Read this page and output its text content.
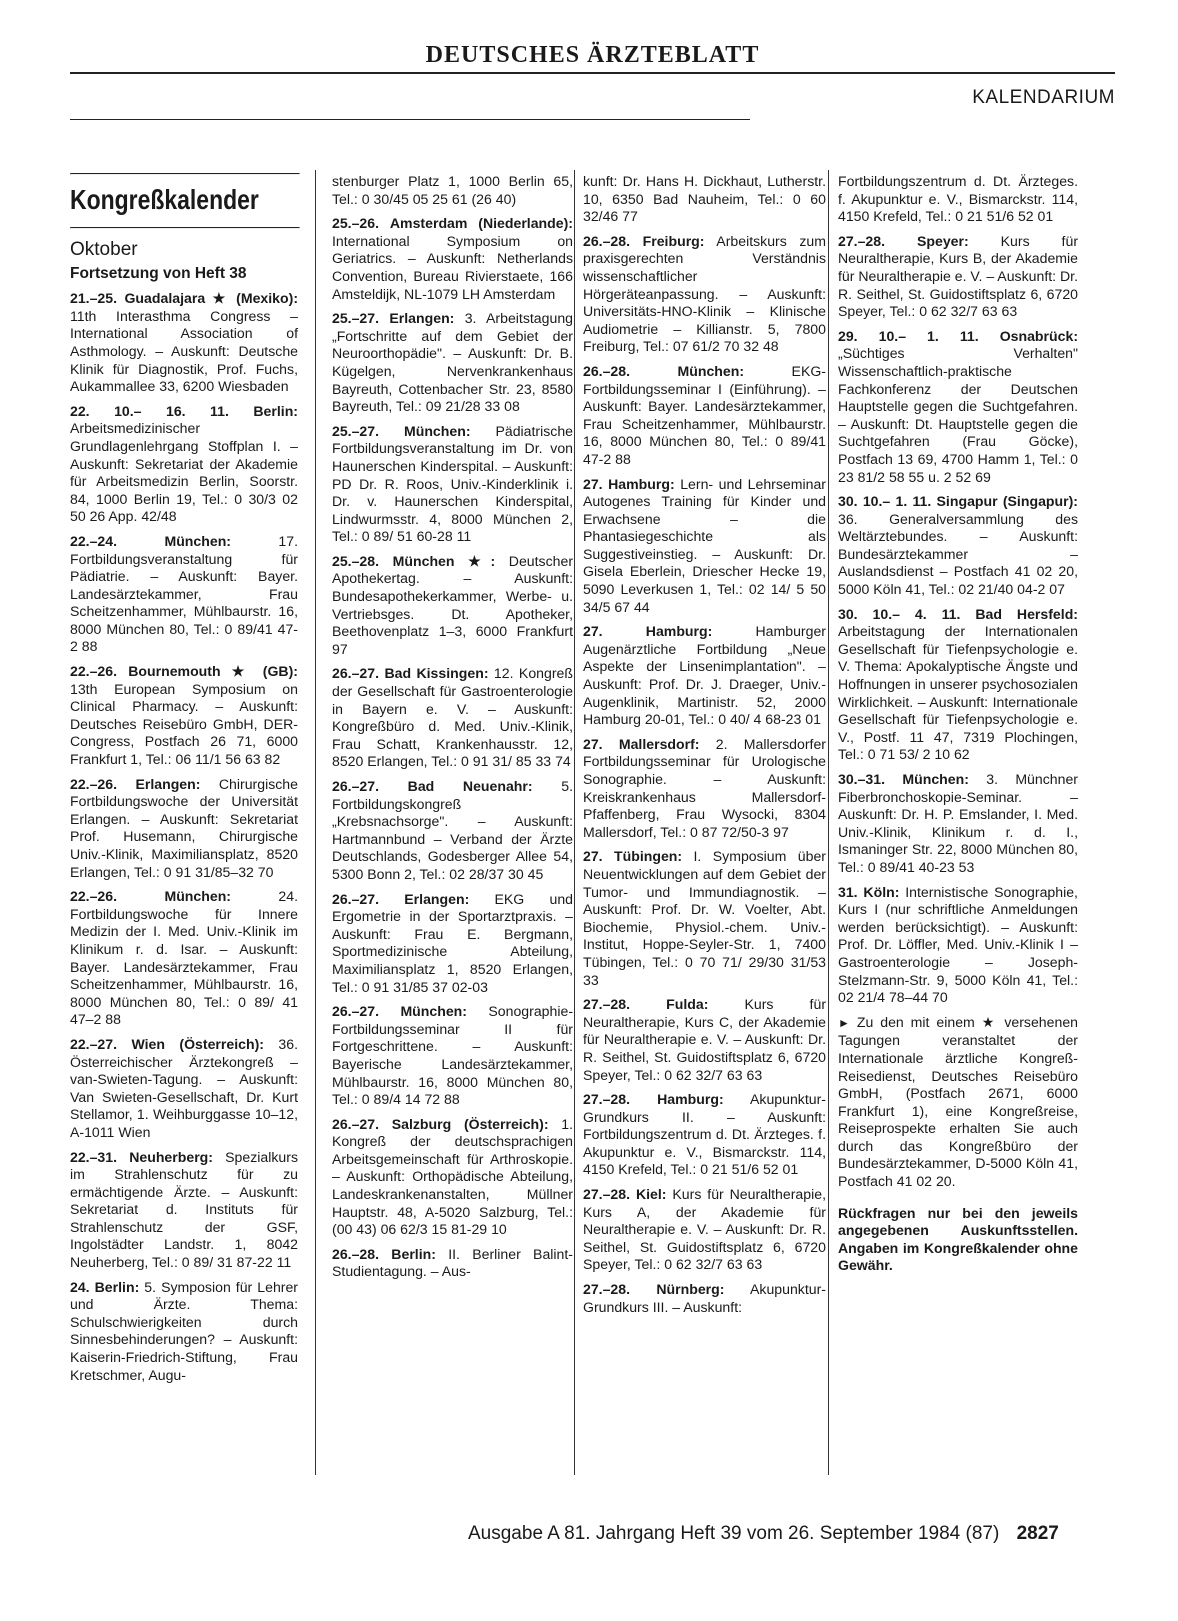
DEUTSCHES ÄRZTEBLATT
KALENDARIUM
Kongreßkalender
Oktober
Fortsetzung von Heft 38

21.–25. Guadalajara ★ (Mexiko): 11th Interasthma Congress – International Association of Asthmology. – Auskunft: Deutsche Klinik für Diagnostik, Prof. Fuchs, Aukammallee 33, 6200 Wiesbaden

22. 10.– 16. 11. Berlin: Arbeitsmedizinischer Grundlagenlehrgang Stoffplan I. – Auskunft: Sekretariat der Akademie für Arbeitsmedizin Berlin, Soorstr. 84, 1000 Berlin 19, Tel.: 0 30/3 02 50 26 App. 42/48

22.–24.	München:	17. Fortbildungsveranstaltung für Pädiatrie. – Auskunft: Bayer. Landesärztekammer, Frau Scheitzenhammer, Mühlbaurstr. 16, 8000 München 80, Tel.: 0 89/41 47-2 88

22.–26. Bournemouth ★ (GB): 13th European Symposium on Clinical Pharmacy. – Auskunft: Deutsches Reisebüro GmbH, DER-Congress, Postfach 26 71, 6000 Frankfurt 1, Tel.: 06 11/1 56 63 82

22.–26. Erlangen: Chirurgische Fortbildungswoche der Universität Erlangen. – Auskunft: Sekretariat Prof. Husemann, Chirurgische Univ.-Klinik, Maximiliansplatz, 8520 Erlangen, Tel.: 0 91 31/85–32 70

22.–26.	München:	24. Fortbildungswoche für Innere Medizin der I. Med. Univ.-Klinik im Klinikum r. d. Isar. – Auskunft: Bayer. Landesärztekammer, Frau Scheitzenhammer, Mühlbaurstr. 16, 8000 München 80, Tel.: 0 89/ 41 47–2 88

22.–27. Wien (Österreich): 36. Österreichischer Ärztekongreß – van-Swieten-Tagung. – Auskunft: Van Swieten-Gesellschaft, Dr. Kurt Stellamor, 1. Weihburggasse 10–12, A-1011 Wien

22.–31. Neuherberg: Spezialkurs im Strahlenschutz für zu ermächtigende Ärzte. – Auskunft: Sekretariat d. Instituts für Strahlenschutz der GSF, Ingolstädter Landstr. 1, 8042 Neuherberg, Tel.: 0 89/ 31 87-22 11

24. Berlin: 5. Symposion für Lehrer und Ärzte. Thema: Schulschwierigkeiten durch Sinnesbehinderungen? – Auskunft: Kaiserin-Friedrich-Stiftung, Frau Kretschmer, Augu-

stenburger Platz 1, 1000 Berlin 65, Tel.: 0 30/45 05 25 61 (26 40)

25.–26. Amsterdam (Niederlande): International Symposium on Geriatrics. – Auskunft: Netherlands Convention, Bureau Rivierstaete, 166 Amsteldijk, NL-1079 LH Amsterdam

25.–27. Erlangen: 3. Arbeitstagung „Fortschritte auf dem Gebiet der Neuroorthopädie". – Auskunft: Dr. B. Kügelgen, Nervenkrankenhaus Bayreuth, Cottenbacher Str. 23, 8580 Bayreuth, Tel.: 09 21/28 33 08

25.–27. München: Pädiatrische Fortbildungsveranstaltung im Dr. von Haunerschen Kinderspital. – Auskunft: PD Dr. R. Roos, Univ.-Kinderklinik i. Dr. v. Haunerschen Kinderspital, Lindwurmsstr. 4, 8000 München 2, Tel.: 0 89/ 51 60-28 11

25.–28. München ★: Deutscher Apothekertag. – Auskunft: Bundesapothekerkammer, Werbe- u. Vertriebsges. Dt. Apotheker, Beethovenplatz 1–3, 6000 Frankfurt 97

26.–27. Bad Kissingen: 12. Kongreß der Gesellschaft für Gastroenterologie in Bayern e. V. – Auskunft: Kongreßbüro d. Med. Univ.-Klinik, Frau Schatt, Krankenhausstr. 12, 8520 Erlangen, Tel.: 0 91 31/ 85 33 74

26.–27. Bad Neuenahr: 5. Fortbildungskongreß „Krebsnachsorge". – Auskunft: Hartmannbund – Verband der Ärzte Deutschlands, Godesberger Allee 54, 5300 Bonn 2, Tel.: 02 28/37 30 45

26.–27. Erlangen: EKG und Ergometrie in der Sportarztpraxis. – Auskunft: Frau E. Bergmann, Sportmedizinische Abteilung, Maximiliansplatz 1, 8520 Erlangen, Tel.: 0 91 31/85 37 02-03

26.–27. München: Sonographie-Fortbildungsseminar II für Fortgeschrittene. – Auskunft: Bayerische Landesärztekammer, Mühlbaurstr. 16, 8000 München 80, Tel.: 0 89/4 14 72 88

26.–27. Salzburg (Österreich): 1. Kongreß der deutschsprachigen Arbeitsgemeinschaft für Arthroskopie. – Auskunft: Orthopädische Abteilung, Landeskrankenanstalten, Müllner Hauptstr. 48, A-5020 Salzburg, Tel.: (00 43) 06 62/3 15 81-29 10

26.–28. Berlin: II. Berliner Balint-Studientagung. – Aus-

kunft: Dr. Hans H. Dickhaut, Lutherstr. 10, 6350 Bad Nauheim, Tel.: 0 60 32/46 77

26.–28. Freiburg: Arbeitskurs zum praxisgerechten Verständnis wissenschaftlicher Hörgeräteanpassung. – Auskunft: Universitäts-HNO-Klinik – Klinische Audiometrie – Killianstr. 5, 7800 Freiburg, Tel.: 07 61/2 70 32 48

26.–28.	München:	EKG-Fortbildungsseminar I (Einführung). – Auskunft: Bayer. Landesärztekammer, Frau Scheitzenhammer, Mühlbaurstr. 16, 8000 München 80, Tel.: 0 89/41 47-2 88

27. Hamburg: Lern- und Lehrseminar Autogenes Training für Kinder und Erwachsene – die Phantasiegeschichte als Suggestiveinstieg. – Auskunft: Dr. Gisela Eberlein, Driescher Hecke 19, 5090 Leverkusen 1, Tel.: 02 14/ 5 50 34/5 67 44

27.	Hamburg:	Hamburger Augenärztliche Fortbildung „Neue Aspekte der Linsenimplantation". – Auskunft: Prof. Dr. J. Draeger, Univ.-Augenklinik, Martinistr. 52, 2000 Hamburg 20-01, Tel.: 0 40/ 4 68-23 01

27. Mallersdorf: 2. Mallersdorfer Fortbildungsseminar für Urologische Sonographie. – Auskunft: Kreiskrankenhaus Mallersdorf-Pfaffenberg, Frau Wysocki, 8304 Mallersdorf, Tel.: 0 87 72/50-3 97

27. Tübingen: I. Symposium über Neuentwicklungen auf dem Gebiet der Tumor- und Immundiagnostik. – Auskunft: Prof. Dr. W. Voelter, Abt. Biochemie, Physiol.-chem. Univ.-Institut, Hoppe-Seyler-Str. 1, 7400 Tübingen, Tel.: 0 70 71/ 29/30 31/53 33

27.–28.	Fulda:	Kurs für Neuraltherapie, Kurs C, der Akademie für Neuraltherapie e. V. – Auskunft: Dr. R. Seithel, St. Guidostiftsplatz 6, 6720 Speyer, Tel.: 0 62 32/7 63 63

27.–28. Hamburg: Akupunktur-Grundkurs II. – Auskunft: Fortbildungszentrum d. Dt. Ärzteges. f. Akupunktur e. V., Bismarckstr. 114, 4150 Krefeld, Tel.: 0 21 51/6 52 01

27.–28. Kiel: Kurs für Neuraltherapie, Kurs A, der Akademie für Neuraltherapie e. V. – Auskunft: Dr. R. Seithel, St. Guidostiftsplatz 6, 6720 Speyer, Tel.: 0 62 32/7 63 63

27.–28. Nürnberg: Akupunktur-Grundkurs III. – Auskunft:

Fortbildungszentrum d. Dt. Ärzteges. f. Akupunktur e. V., Bismarckstr. 114, 4150 Krefeld, Tel.: 0 21 51/6 52 01

27.–28. Speyer: Kurs für Neuraltherapie, Kurs B, der Akademie für Neuraltherapie e. V. – Auskunft: Dr. R. Seithel, St. Guidostiftsplatz 6, 6720 Speyer, Tel.: 0 62 32/7 63 63

29. 10.– 1. 11. Osnabrück: „Süchtiges Verhalten" Wissenschaftlich-praktische Fachkonferenz der Deutschen Hauptstelle gegen die Suchtgefahren. – Auskunft: Dt. Hauptstelle gegen die Suchtgefahren (Frau Göcke), Postfach 13 69, 4700 Hamm 1, Tel.: 0 23 81/2 58 55 u. 2 52 69

30. 10.– 1. 11. Singapur (Singapur): 36. Generalversammlung des Weltärztebundes. – Auskunft: Bundesärztekammer – Auslandsdienst – Postfach 41 02 20, 5000 Köln 41, Tel.: 02 21/40 04-2 07

30. 10.– 4. 11. Bad Hersfeld: Arbeitstagung der Internationalen Gesellschaft für Tiefenpsychologie e. V. Thema: Apokalyptische Ängste und Hoffnungen in unserer psychosozialen Wirklichkeit. – Auskunft: Internationale Gesellschaft für Tiefenpsychologie e. V., Postf. 11 47, 7319 Plochingen, Tel.: 0 71 53/ 2 10 62

30.–31. München: 3. Münchner Fiberbronchoskopie-Seminar. – Auskunft: Dr. H. P. Emslander, I. Med. Univ.-Klinik, Klinikum r. d. I., Ismaninger Str. 22, 8000 München 80, Tel.: 0 89/41 40-23 53

31. Köln: Internistische Sonographie, Kurs I (nur schriftliche Anmeldungen werden berücksichtigt). – Auskunft: Prof. Dr. Löffler, Med. Univ.-Klinik I – Gastroenterologie – Joseph-Stelzmann-Str. 9, 5000 Köln 41, Tel.: 02 21/4 78–44 70

► Zu den mit einem ★ versehenen Tagungen veranstaltet der Internationale ärztliche Kongreß-Reisedienst, Deutsches Reisebüro GmbH, (Postfach 2671, 6000 Frankfurt 1), eine Kongreßreise, Reiseprospekte erhalten Sie auch durch das Kongreßbüro der Bundesärztekammer, D-5000 Köln 41, Postfach 41 02 20.

Rückfragen nur bei den jeweils angegebenen Auskunftsstellen. Angaben im Kongreßkalender ohne Gewähr.

Ausgabe A 81. Jahrgang Heft 39 vom 26. September 1984 (87) 2827
